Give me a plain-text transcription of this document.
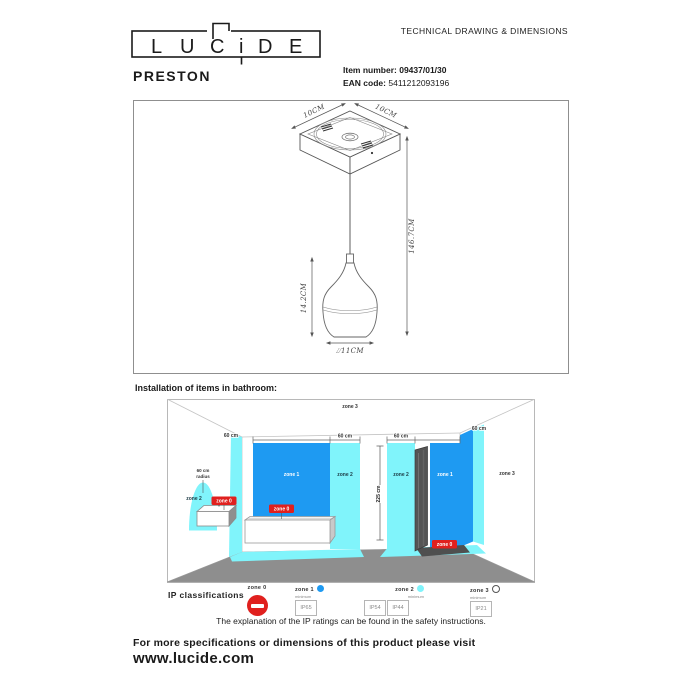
L U C i D E
TECHNICAL DRAWING & DIMENSIONS
PRESTON	Item number: 09437/01/30
EAN code: 5411212093196
10CM	10CM
14.2CM
146.7CM
⌰11CM
Installation of items in bathroom:
225 cm
zone 3
zone 3
zone 1	zone 2	zone 2	zone 1
zone 2
60 cm	60 cm	60 cm
60 cm
60 cm
radius
zone 0
zone 0
zone 0
IP classifications
zone 0	zone 1
minimum
IP65
zone 2
minimum
IP54 IP44
zone 3
minimum
IP21
The explanation of the IP ratings can be found in the safety instructions.
For more specifications or dimensions of this product please visit
www.lucide.com
